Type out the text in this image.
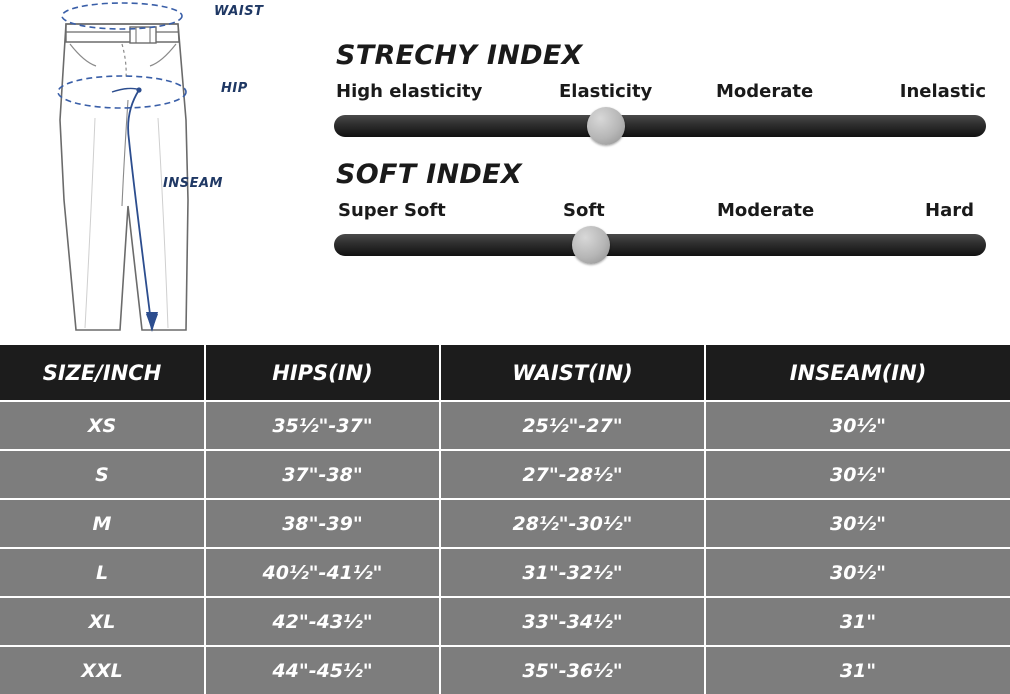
WAIST
HIP
INSEAM
STRECHY INDEX
High elasticity	Elasticity	Moderate	Inelastic
SOFT INDEX
Super Soft	Soft	Moderate	Hard
SIZE/INCH	HIPS(IN)	WAIST(IN)	INSEAM(IN)
XS	35½"-37"	25½"-27"	30½"
S	37"-38"	27"-28½"	30½"
M	38"-39"	28½"-30½"	30½"
L	40½"-41½"	31"-32½"	30½"
XL	42"-43½"	33"-34½"	31"
XXL	44"-45½"	35"-36½"	31"
